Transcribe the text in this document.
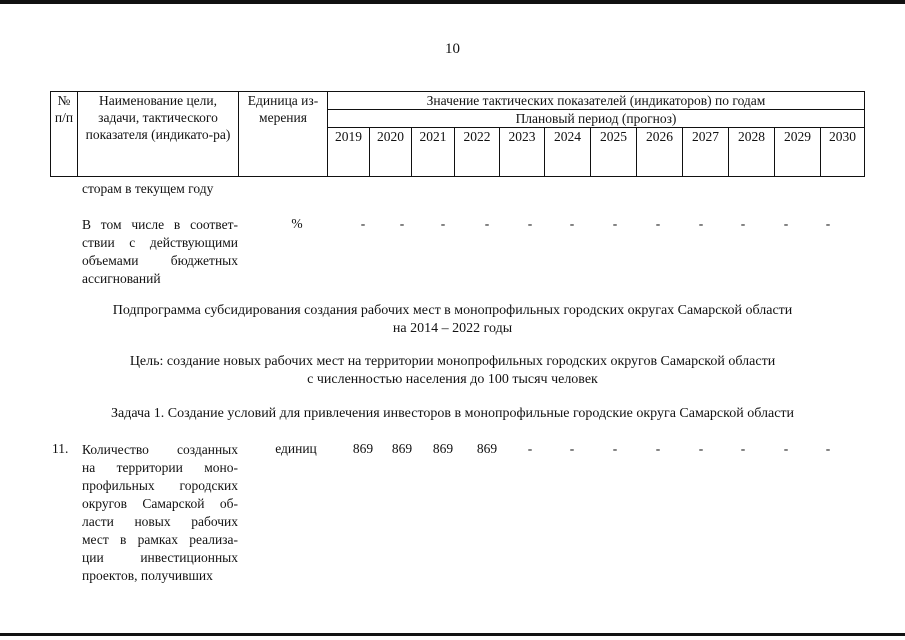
10
№ п/п	Наименование цели, задачи, тактического показателя (индикато-ра)	Единица из-мерения	Значение тактических показателей (индикаторов) по годам											
			Плановый период (прогноз)											
			2019	2020	2021	2022	2023	2024	2025	2026	2027	2028	2029	2030
сторам в текущем году
В том числе в соответ-
ствии с действующими
объемами бюджетных
ассигнований
%	-	-	-	-	-	-	-	-	-	-	-	-
Подпрограмма субсидирования создания рабочих мест в монопрофильных городских округах Самарской области
на 2014 – 2022 годы
Цель: создание новых рабочих мест на территории монопрофильных городских округов Самарской области
с численностью населения до 100 тысяч человек
Задача 1. Создание условий для привлечения инвесторов в монопрофильные городские округа Самарской области
11. Количество созданных
на территории моно-
профильных городских
округов Самарской об-
ласти новых рабочих
мест в рамках реализа-
ции инвестиционных
проектов, получивших
единиц	869	869	869	869	-	-	-	-	-	-	-	-
